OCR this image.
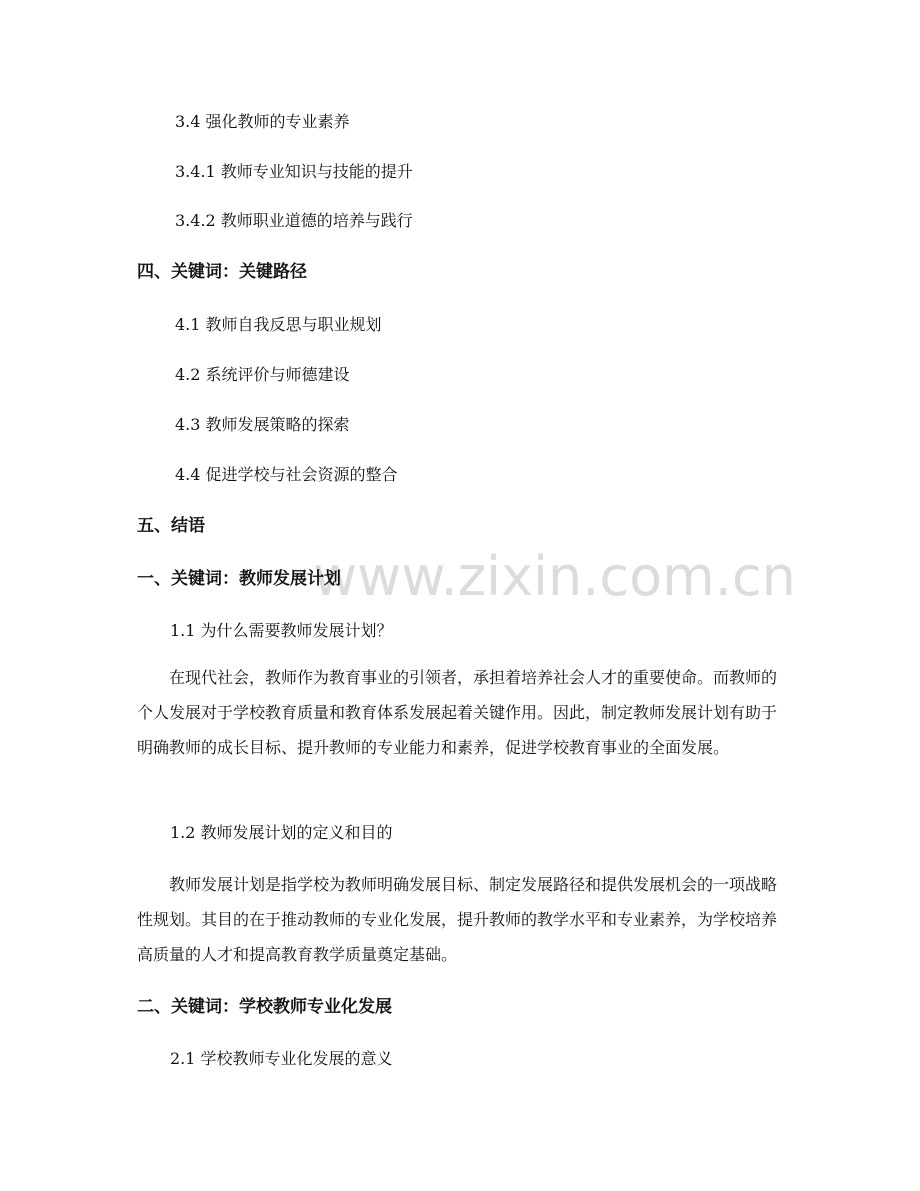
www.zixin.com.cn
3.4 强化教师的专业素养
3.4.1 教师专业知识与技能的提升
3.4.2 教师职业道德的培养与践行
四、关键词：关键路径
4.1 教师自我反思与职业规划
4.2 系统评价与师德建设
4.3 教师发展策略的探索
4.4 促进学校与社会资源的整合
五、结语
一、关键词：教师发展计划
1.1 为什么需要教师发展计划？
在现代社会，教师作为教育事业的引领者，承担着培养社会人才的重要使命。而教师的个人发展对于学校教育质量和教育体系发展起着关键作用。因此，制定教师发展计划有助于明确教师的成长目标、提升教师的专业能力和素养，促进学校教育事业的全面发展。
1.2 教师发展计划的定义和目的
教师发展计划是指学校为教师明确发展目标、制定发展路径和提供发展机会的一项战略性规划。其目的在于推动教师的专业化发展，提升教师的教学水平和专业素养，为学校培养高质量的人才和提高教育教学质量奠定基础。
二、关键词：学校教师专业化发展
2.1 学校教师专业化发展的意义
